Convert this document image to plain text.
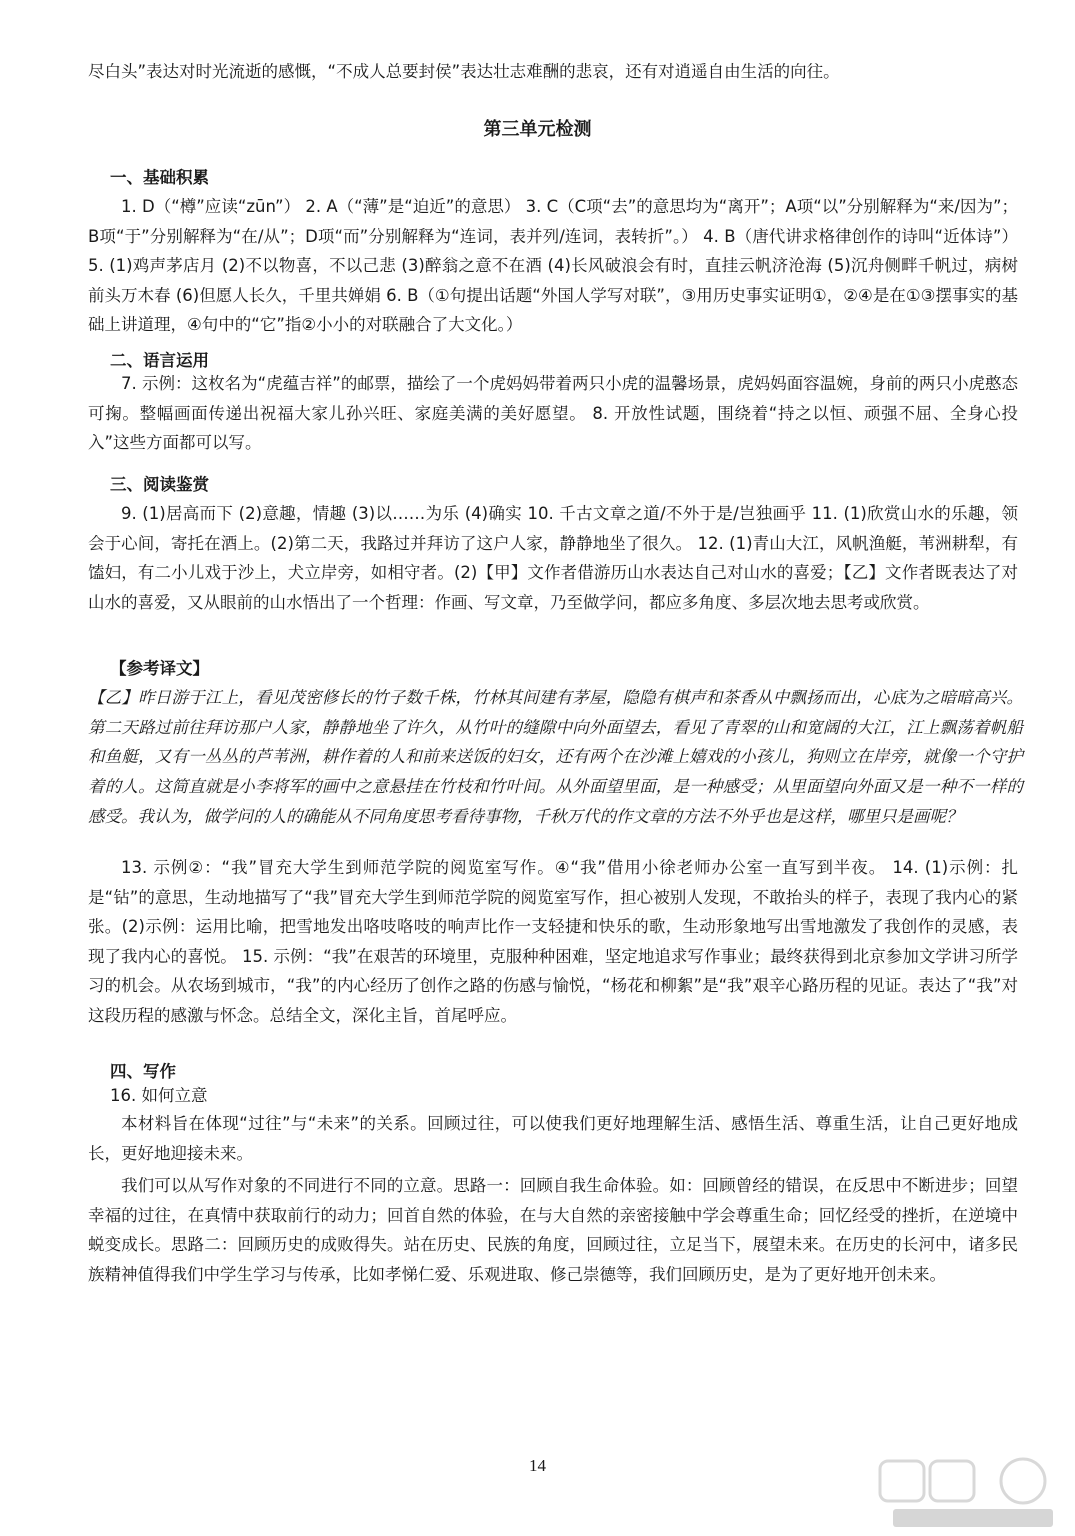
尽白头”表达对时光流逝的感慨，“不成人总要封侯”表达壮志难酬的悲哀，还有对逍遥自由生活的向往。

第三单元检测
一、基础积累

1. D（“樽”应读“zūn”） 2. A（“薄”是“迫近”的意思） 3. C（C项“去”的意思均为“离开”；A项“以”分别解释为“来/因为”；B项“于”分别解释为“在/从”；D项“而”分别解释为“连词，表并列/连词，表转折”。） 4. B（唐代讲求格律创作的诗叫“近体诗”） 5. (1)鸡声茅店月 (2)不以物喜，不以己悲 (3)醉翁之意不在酒 (4)长风破浪会有时，直挂云帆济沧海 (5)沉舟侧畔千帆过，病树前头万木春 (6)但愿人长久，千里共婵娟 6. B（①句提出话题“外国人学写对联”，③用历史事实证明①，②④是在①③摆事实的基础上讲道理，④句中的“它”指②小小的对联融合了大文化。）

二、语言运用

7. 示例：这枚名为“虎蕴吉祥”的邮票，描绘了一个虎妈妈带着两只小虎的温馨场景，虎妈妈面容温婉，身前的两只小虎憨态可掬。整幅画面传递出祝福大家儿孙兴旺、家庭美满的美好愿望。 8. 开放性试题，围绕着“持之以恒、顽强不屈、全身心投入”这些方面都可以写。

三、阅读鉴赏

9. (1)居高而下 (2)意趣，情趣 (3)以……为乐 (4)确实 10. 千古文章之道/不外于是/岂独画乎 11. (1)欣赏山水的乐趣，领会于心间，寄托在酒上。(2)第二天，我路过并拜访了这户人家，静静地坐了很久。 12. (1)青山大江，风帆渔艇，苇洲耕犁，有馌妇，有二小儿戏于沙上，犬立岸旁，如相守者。(2)【甲】文作者借游历山水表达自己对山水的喜爱；【乙】文作者既表达了对山水的喜爱，又从眼前的山水悟出了一个哲理：作画、写文章，乃至做学问，都应多角度、多层次地去思考或欣赏。

【参考译文】

【乙】昨日游于江上，看见茂密修长的竹子数千株，竹林其间建有茅屋，隐隐有棋声和茶香从中飘扬而出，心底为之暗暗高兴。第二天路过前往拜访那户人家，静静地坐了许久，从竹叶的缝隙中向外面望去，看见了青翠的山和宽阔的大江，江上飘荡着帆船和鱼艇，又有一丛丛的芦苇洲，耕作着的人和前来送饭的妇女，还有两个在沙滩上嬉戏的小孩儿，狗则立在岸旁，就像一个守护着的人。这简直就是小李将军的画中之意悬挂在竹枝和竹叶间。从外面望里面，是一种感受；从里面望向外面又是一种不一样的感受。我认为，做学问的人的确能从不同角度思考看待事物，千秋万代的作文章的方法不外乎也是这样，哪里只是画呢？

13. 示例②：“我”冒充大学生到师范学院的阅览室写作。④“我”借用小徐老师办公室一直写到半夜。 14. (1)示例：扎是“钻”的意思，生动地描写了“我”冒充大学生到师范学院的阅览室写作，担心被别人发现，不敢抬头的样子，表现了我内心的紧张。(2)示例：运用比喻，把雪地发出咯吱咯吱的响声比作一支轻捷和快乐的歌，生动形象地写出雪地激发了我创作的灵感，表现了我内心的喜悦。 15. 示例：“我”在艰苦的环境里，克服种种困难，坚定地追求写作事业；最终获得到北京参加文学讲习所学习的机会。从农场到城市，“我”的内心经历了创作之路的伤感与愉悦，“杨花和柳絮”是“我”艰辛心路历程的见证。表达了“我”对这段历程的感激与怀念。总结全文，深化主旨，首尾呼应。

四、写作

16. 如何立意

本材料旨在体现“过往”与“未来”的关系。回顾过往，可以使我们更好地理解生活、感悟生活、尊重生活，让自己更好地成长，更好地迎接未来。

我们可以从写作对象的不同进行不同的立意。思路一：回顾自我生命体验。如：回顾曾经的错误，在反思中不断进步；回望幸福的过往，在真情中获取前行的动力；回首自然的体验，在与大自然的亲密接触中学会尊重生命；回忆经受的挫折，在逆境中蜕变成长。思路二：回顾历史的成败得失。站在历史、民族的角度，回顾过往，立足当下，展望未来。在历史的长河中，诸多民族精神值得我们中学生学习与传承，比如孝悌仁爱、乐观进取、修己崇德等，我们回顾历史，是为了更好地开创未来。

14
